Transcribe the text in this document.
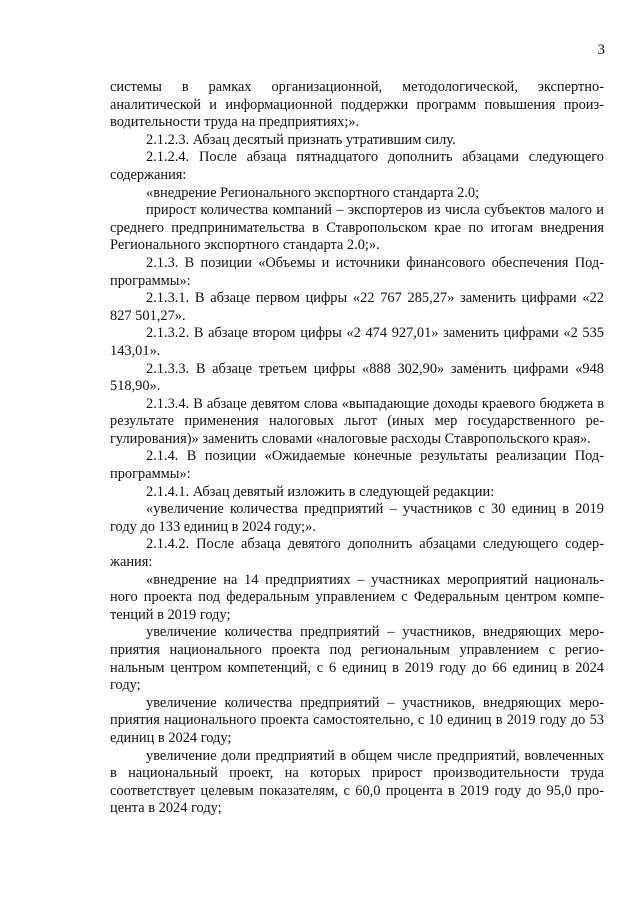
3

системы в рамках организационной, методологической, экспертно-аналитической и информационной поддержки программ повышения производительности труда на предприятиях;».

2.1.2.3. Абзац десятый признать утратившим силу.

2.1.2.4. После абзаца пятнадцатого дополнить абзацами следующего содержания:

«внедрение Регионального экспортного стандарта 2.0;

прирост количества компаний – экспортеров из числа субъектов малого и среднего предпринимательства в Ставропольском крае по итогам внедрения Регионального экспортного стандарта 2.0;».

2.1.3. В позиции «Объемы и источники финансового обеспечения Подпрограммы»:

2.1.3.1. В абзаце первом цифры «22 767 285,27» заменить цифрами «22 827 501,27».

2.1.3.2. В абзаце втором цифры «2 474 927,01» заменить цифрами «2 535 143,01».

2.1.3.3. В абзаце третьем цифры «888 302,90» заменить цифрами «948 518,90».

2.1.3.4. В абзаце девятом слова «выпадающие доходы краевого бюджета в результате применения налоговых льгот (иных мер государственного регулирования)» заменить словами «налоговые расходы Ставропольского края».

2.1.4. В позиции «Ожидаемые конечные результаты реализации Подпрограммы»:

2.1.4.1. Абзац девятый изложить в следующей редакции:

«увеличение количества предприятий – участников с 30 единиц в 2019 году до 133 единиц в 2024 году;».

2.1.4.2. После абзаца девятого дополнить абзацами следующего содержания:

«внедрение на 14 предприятиях – участниках мероприятий национального проекта под федеральным управлением с Федеральным центром компетенций в 2019 году;

увеличение количества предприятий – участников, внедряющих мероприятия национального проекта под региональным управлением с региональным центром компетенций, с 6 единиц в 2019 году до 66 единиц в 2024 году;

увеличение количества предприятий – участников, внедряющих мероприятия национального проекта самостоятельно, с 10 единиц в 2019 году до 53 единиц в 2024 году;

увеличение доли предприятий в общем числе предприятий, вовлеченных в национальный проект, на которых прирост производительности труда соответствует целевым показателям, с 60,0 процента в 2019 году до 95,0 процента в 2024 году;
